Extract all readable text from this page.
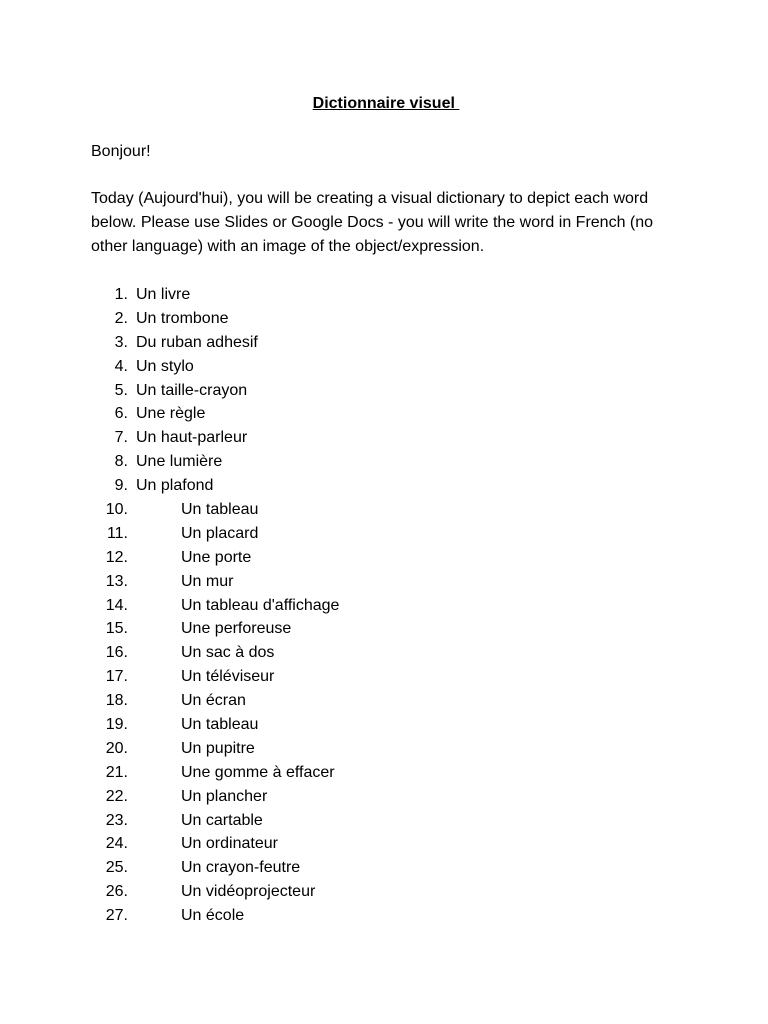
Dictionnaire visuel
Bonjour!
Today (Aujourd'hui), you will be creating a visual dictionary to depict each word below. Please use Slides or Google Docs - you will write the word in French (no other language) with an image of the object/expression.
1. Un livre
2. Un trombone
3. Du ruban adhesif
4. Un stylo
5. Un taille-crayon
6. Une règle
7. Un haut-parleur
8. Une lumière
9. Un plafond
10.	Un tableau
11.	Un placard
12.	Une porte
13.	Un mur
14.	Un tableau d'affichage
15.	Une perforeuse
16.	Un sac à dos
17.	Un téléviseur
18.	Un écran
19.	Un tableau
20.	Un pupitre
21.	Une gomme à effacer
22.	Un plancher
23.	Un cartable
24.	Un ordinateur
25.	Un crayon-feutre
26.	Un vidéoprojecteur
27.	Un école
